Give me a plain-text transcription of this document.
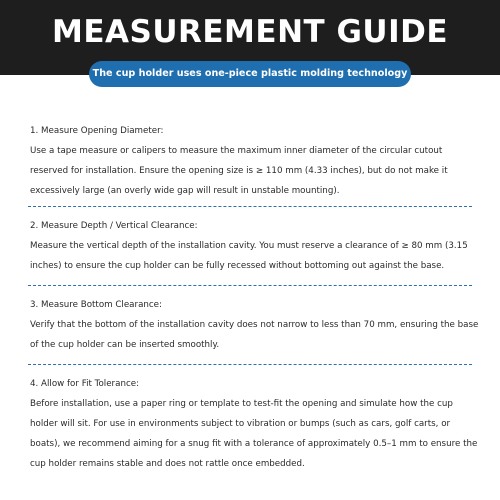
MEASUREMENT GUIDE
The cup holder uses one-piece plastic molding technology
1. Measure Opening Diameter:
Use a tape measure or calipers to measure the maximum inner diameter of the circular cutout reserved for installation. Ensure the opening size is ≥ 110 mm (4.33 inches), but do not make it excessively large (an overly wide gap will result in unstable mounting).
2. Measure Depth / Vertical Clearance:
Measure the vertical depth of the installation cavity. You must reserve a clearance of ≥ 80 mm (3.15 inches) to ensure the cup holder can be fully recessed without bottoming out against the base.
3. Measure Bottom Clearance:
Verify that the bottom of the installation cavity does not narrow to less than 70 mm, ensuring the base of the cup holder can be inserted smoothly.
4. Allow for Fit Tolerance:
Before installation, use a paper ring or template to test-fit the opening and simulate how the cup holder will sit. For use in environments subject to vibration or bumps (such as cars, golf carts, or boats), we recommend aiming for a snug fit with a tolerance of approximately 0.5–1 mm to ensure the cup holder remains stable and does not rattle once embedded.
